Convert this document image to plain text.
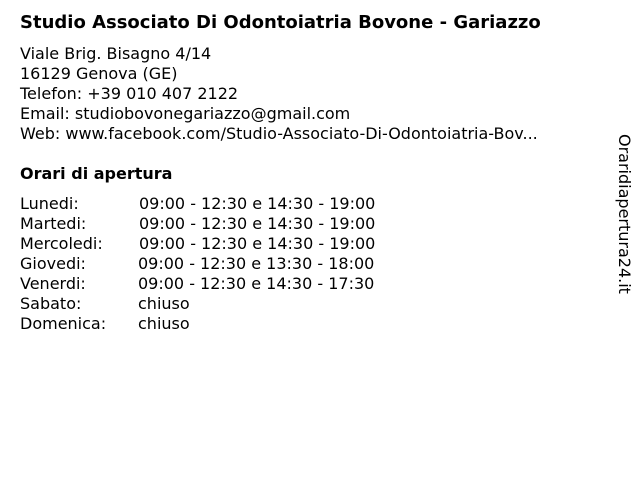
Studio Associato Di Odontoiatria Bovone - Gariazzo
Viale Brig. Bisagno 4/14
16129 Genova (GE)
Telefon: +39 010 407 2122
Email: studiobovonegariazzo@gmail.com
Web: www.facebook.com/Studio-Associato-Di-Odontoiatria-Bov...
Orari di apertura
Lunedi:	09:00 - 12:30 e 14:30 - 19:00
Martedi:	09:00 - 12:30 e 14:30 - 19:00
Mercoledi: 09:00 - 12:30 e 14:30 - 19:00
Giovedi:	09:00 - 12:30 e 13:30 - 18:00
Venerdi:	09:00 - 12:30 e 14:30 - 17:30
Sabato:	chiuso
Domenica: chiuso
Oraridiapertura24.it
